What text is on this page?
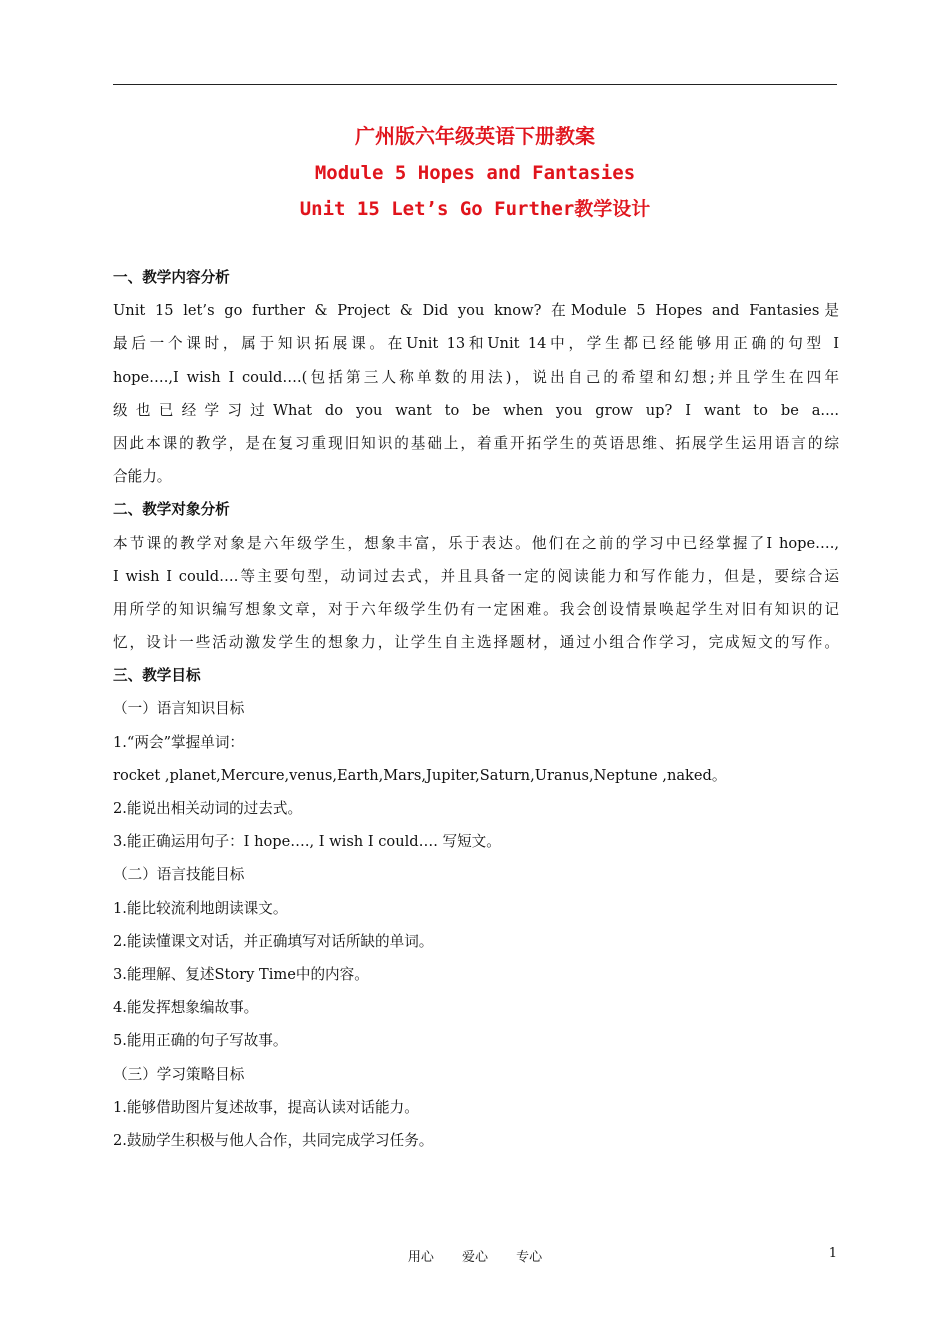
广州版六年级英语下册教案
Module 5 Hopes and Fantasies
Unit 15 Let’s Go Further教学设计
一、教学内容分析
Unit 15 let’s go further & Project & Did you know? 在Module 5 Hopes and Fantasies是
最后一个课时，属于知识拓展课。在Unit 13和Unit 14中，学生都已经能够用正确的句型 I
hope….,I wish I could….(包括第三人称单数的用法)，说出自己的希望和幻想;并且学生在四年
级也已经学习过What do you want to be when you grow up? I want to be a....
因此本课的教学，是在复习重现旧知识的基础上，着重开拓学生的英语思维、拓展学生运用语言的综
合能力。
二、教学对象分析
本节课的教学对象是六年级学生，想象丰富，乐于表达。他们在之前的学习中已经掌握了I hope….,
I wish I could….等主要句型，动词过去式，并且具备一定的阅读能力和写作能力，但是，要综合运
用所学的知识编写想象文章，对于六年级学生仍有一定困难。我会创设情景唤起学生对旧有知识的记
忆，设计一些活动激发学生的想象力，让学生自主选择题材，通过小组合作学习，完成短文的写作。
三、教学目标
（一）语言知识目标
1.“两会”掌握单词：
rocket ,planet,Mercure,venus,Earth,Mars,Jupiter,Saturn,Uranus,Neptune ,naked。
2.能说出相关动词的过去式。
3.能正确运用句子：I hope…., I wish I could…. 写短文。
（二）语言技能目标
1.能比较流利地朗读课文。
2.能读懂课文对话，并正确填写对话所缺的单词。
3.能理解、复述Story Time中的内容。
4.能发挥想象编故事。
5.能用正确的句子写故事。
（三）学习策略目标
1.能够借助图片复述故事，提高认读对话能力。
2.鼓励学生积极与他人合作，共同完成学习任务。
用心 爱心 专心	1
